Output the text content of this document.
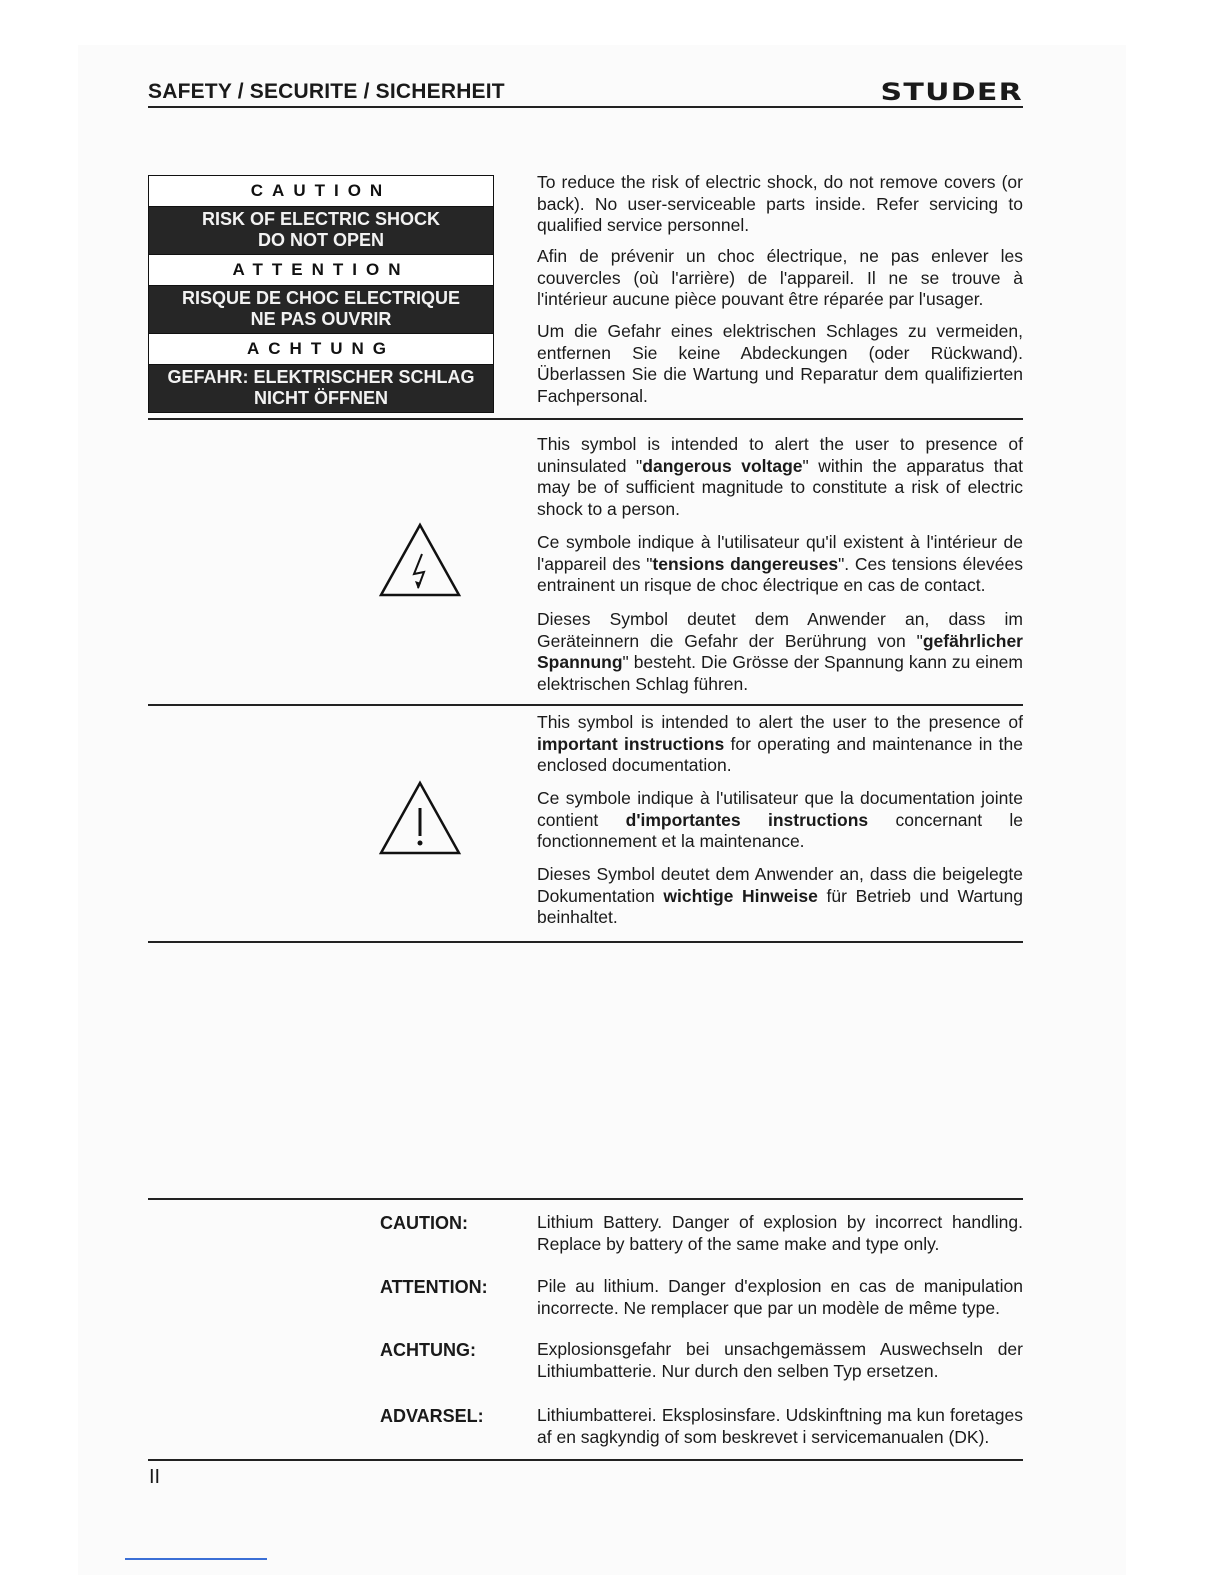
SAFETY / SECURITE / SICHERHEIT	STUDER
CAUTION
RISK OF ELECTRIC SHOCK
DO NOT OPEN
ATTENTION
RISQUE DE CHOC ELECTRIQUE
NE PAS OUVRIR
ACHTUNG
GEFAHR: ELEKTRISCHER SCHLAG
NICHT ÖFFNEN
To reduce the risk of electric shock, do not remove covers (or back). No user-serviceable parts inside. Refer servicing to qualified service personnel.
Afin de prévenir un choc électrique, ne pas enlever les couvercles (où l'arrière) de l'appareil. Il ne se trouve à l'intérieur aucune pièce pouvant être réparée par l'usager.
Um die Gefahr eines elektrischen Schlages zu vermeiden, entfernen Sie keine Abdeckungen (oder Rückwand). Überlassen Sie die Wartung und Reparatur dem qualifizierten Fachpersonal.
This symbol is intended to alert the user to presence of uninsulated "dangerous voltage" within the apparatus that may be of sufficient magnitude to constitute a risk of electric shock to a person.
Ce symbole indique à l'utilisateur qu'il existent à l'intérieur de l'appareil des "tensions dangereuses". Ces tensions élevées entrainent un risque de choc électrique en cas de contact.
Dieses Symbol deutet dem Anwender an, dass im Geräteinnern die Gefahr der Berührung von "gefährlicher Spannung" besteht. Die Grösse der Spannung kann zu einem elektrischen Schlag führen.
This symbol is intended to alert the user to the presence of important instructions for operating and maintenance in the enclosed documentation.
Ce symbole indique à l'utilisateur que la documentation jointe contient d'importantes instructions concernant le fonctionnement et la maintenance.
Dieses Symbol deutet dem Anwender an, dass die beigelegte Dokumentation wichtige Hinweise für Betrieb und Wartung beinhaltet.
CAUTION:	Lithium Battery. Danger of explosion by incorrect handling. Replace by battery of the same make and type only.
ATTENTION:	Pile au lithium. Danger d'explosion en cas de manipulation incorrecte. Ne remplacer que par un modèle de même type.
ACHTUNG:	Explosionsgefahr bei unsachgemässem Auswechseln der Lithiumbatterie. Nur durch den selben Typ ersetzen.
ADVARSEL:	Lithiumbatterei. Eksplosinsfare. Udskinftning ma kun foretages af en sagkyndig of som beskrevet i servicemanualen (DK).
II
